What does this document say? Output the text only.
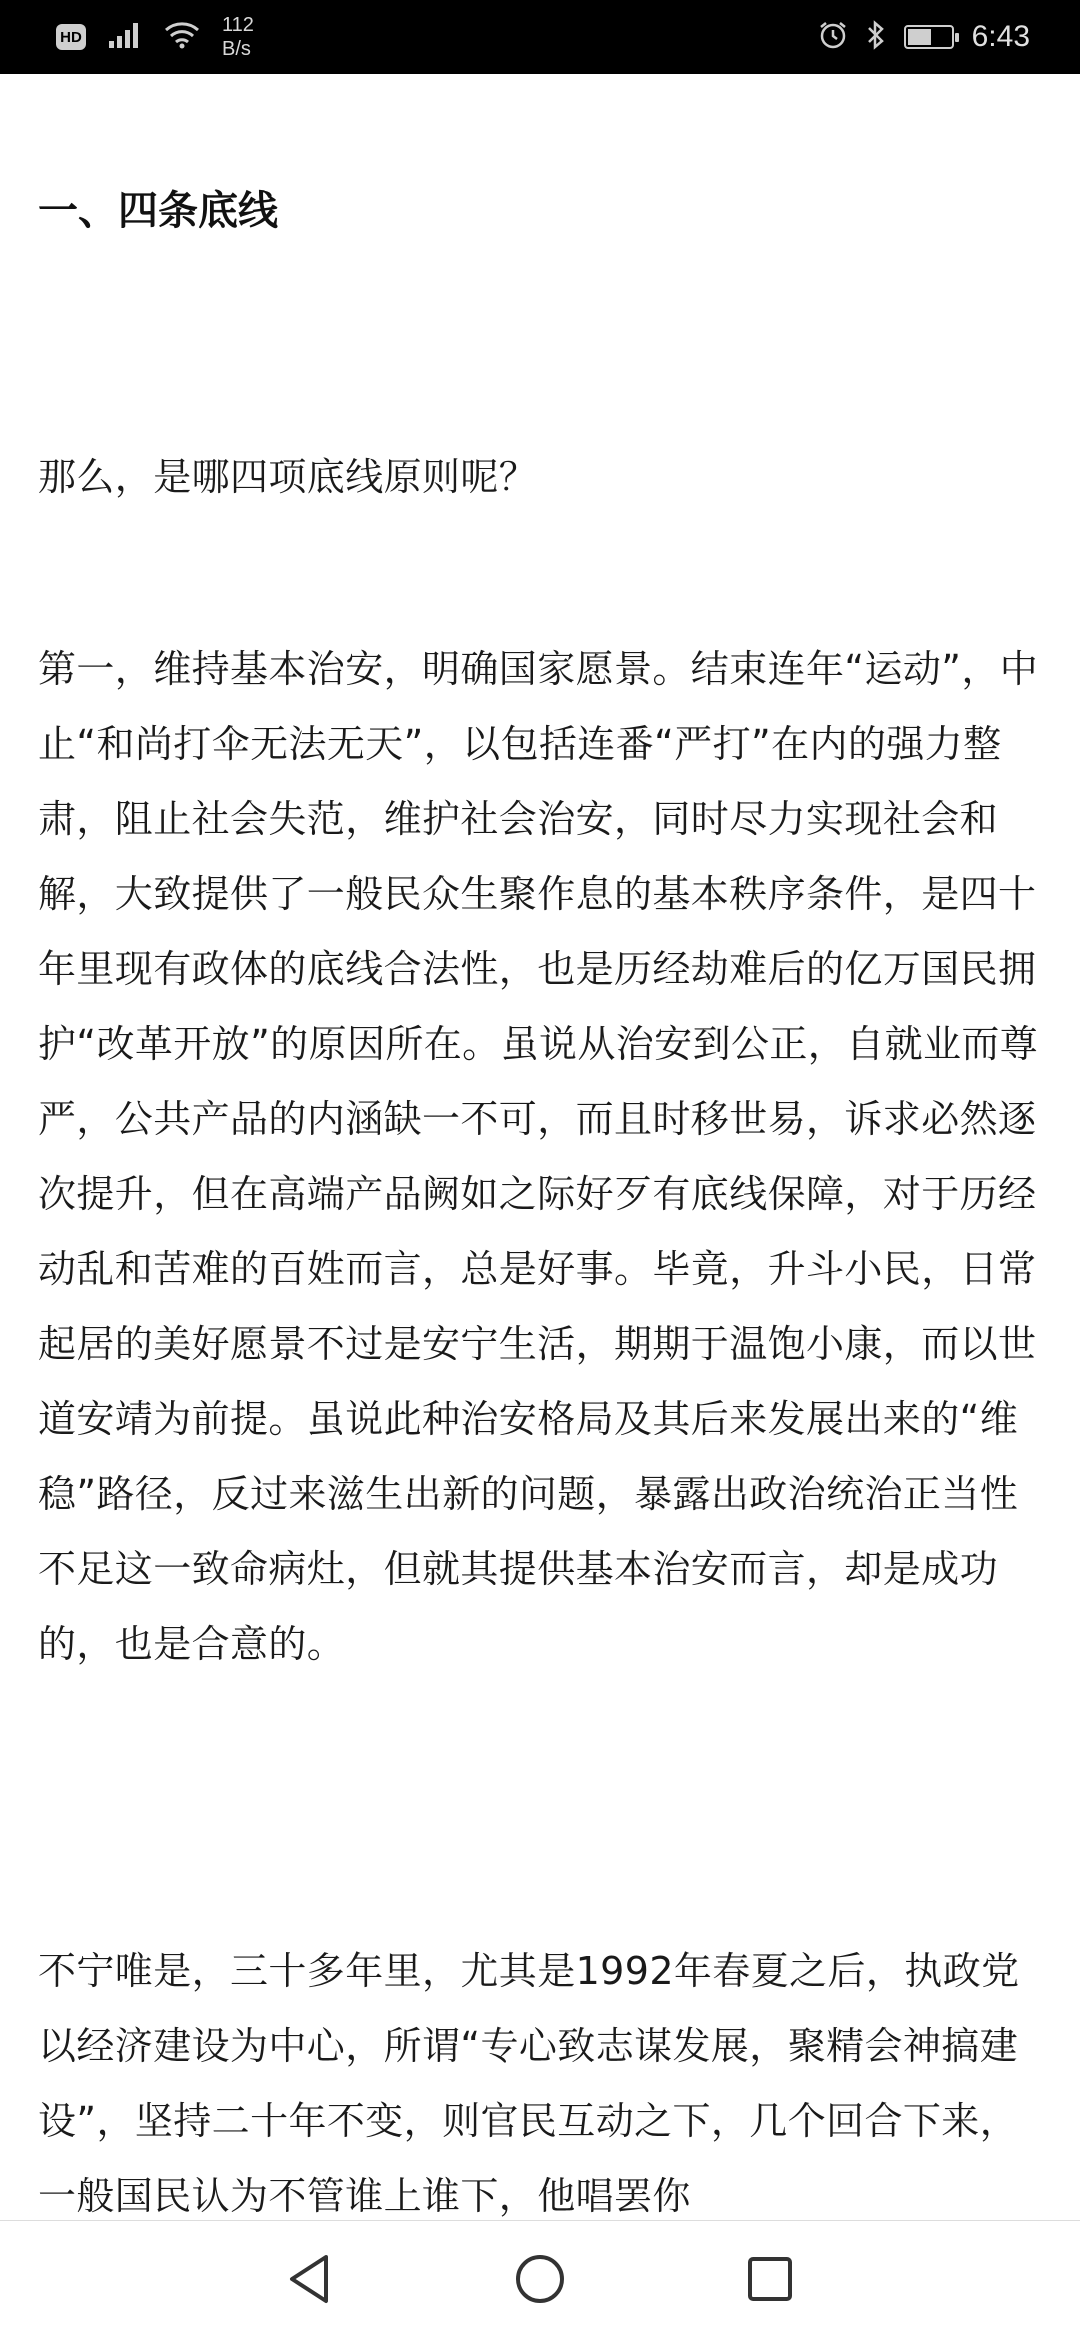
HD
112
B/s	6:43
一、四条底线
那么，是哪四项底线原则呢？
第一，维持基本治安，明确国家愿景。结束连年“运动”，中止“和尚打伞无法无天”，以包括连番“严打”在内的强力整肃，阻止社会失范，维护社会治安，同时尽力实现社会和解，大致提供了一般民众生聚作息的基本秩序条件，是四十年里现有政体的底线合法性，也是历经劫难后的亿万国民拥护“改革开放”的原因所在。虽说从治安到公正，自就业而尊严，公共产品的内涵缺一不可，而且时移世易，诉求必然逐次提升，但在高端产品阙如之际好歹有底线保障，对于历经动乱和苦难的百姓而言，总是好事。毕竟，升斗小民，日常起居的美好愿景不过是安宁生活，期期于温饱小康，而以世道安靖为前提。虽说此种治安格局及其后来发展出来的“维稳”路径，反过来滋生出新的问题，暴露出政治统治正当性不足这一致命病灶，但就其提供基本治安而言，却是成功的，也是合意的。
不宁唯是，三十多年里，尤其是1992年春夏之后，执政党以经济建设为中心，所谓“专心致志谋发展，聚精会神搞建设”，坚持二十年不变，则官民互动之下，几个回合下来，一般国民认为不管谁上谁下，他唱罢你
